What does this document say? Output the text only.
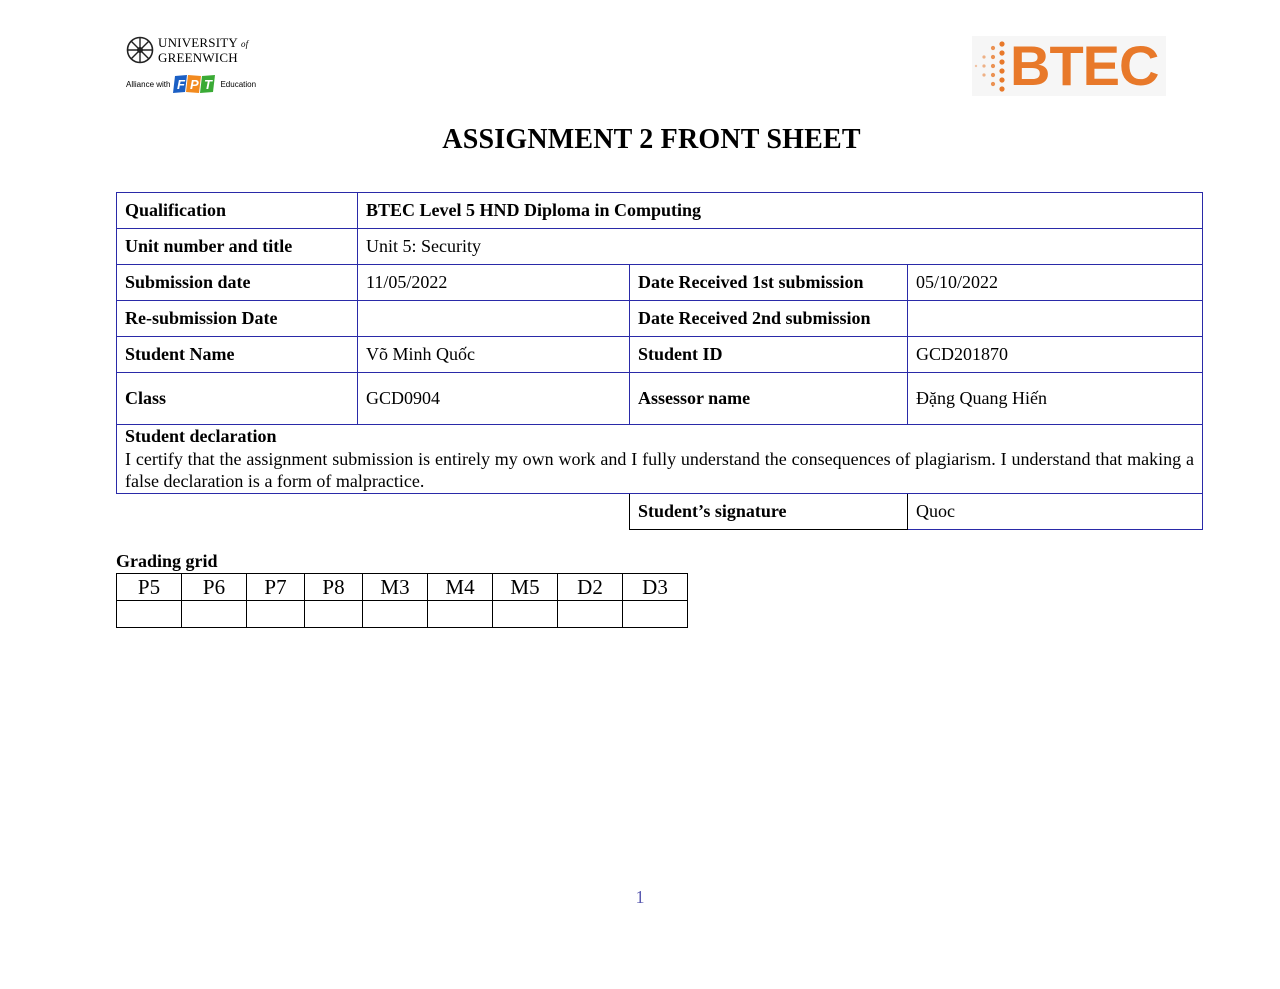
UNIVERSITY of
GREENWICH
Alliance with F P T Education	BTEC
ASSIGNMENT 2 FRONT SHEET
Qualification	BTEC Level 5 HND Diploma in Computing		
Unit number and title	Unit 5: Security		
Submission date	11/05/2022	Date Received 1st submission	05/10/2022
Re-submission Date		Date Received 2nd submission	
Student Name	Võ Minh Quốc	Student ID	GCD201870
Class	GCD0904	Assessor name	Đặng Quang Hiến

Student declaration
I certify that the assignment submission is entirely my own work and I fully understand the consequences of plagiarism. I understand that making a false declaration is a form of malpractice.			

		Student’s signature	Quoc
Grading grid
P5	P6	P7	P8	M3	M4	M5	D2	D3

1
